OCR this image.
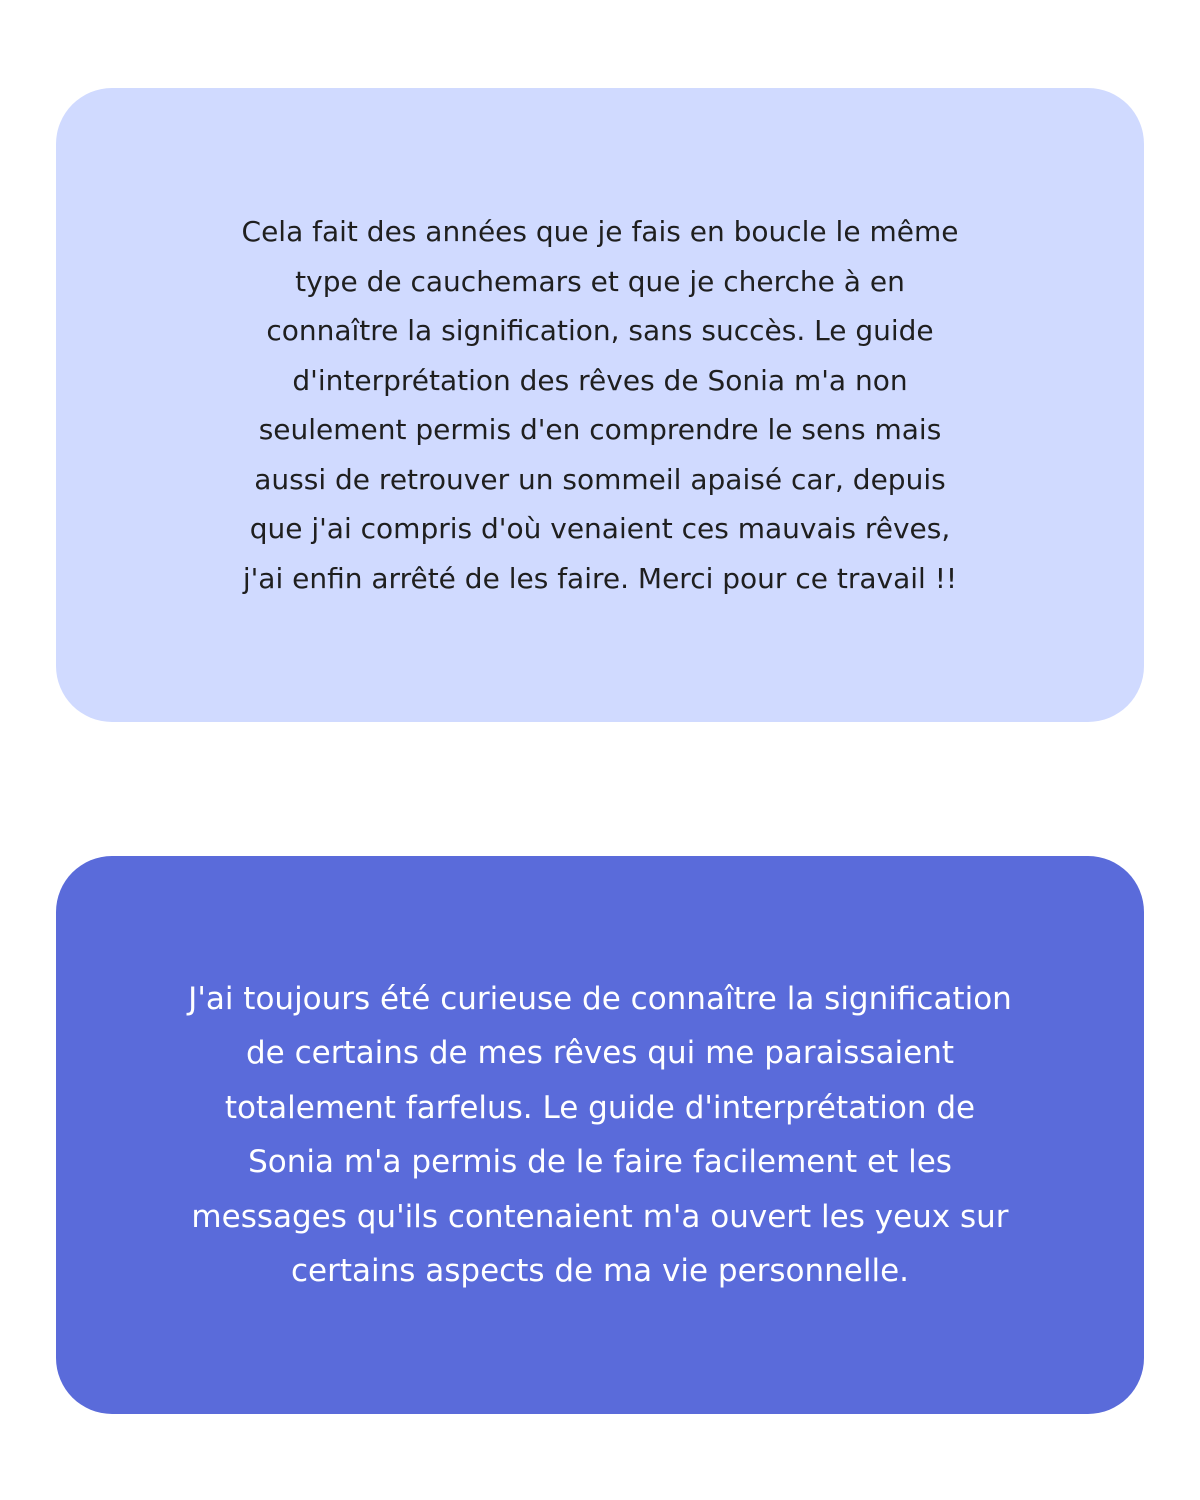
Cela fait des années que je fais en boucle le même
type de cauchemars et que je cherche à en
connaître la signification, sans succès. Le guide
d'interprétation des rêves de Sonia m'a non
seulement permis d'en comprendre le sens mais
aussi de retrouver un sommeil apaisé car, depuis
que j'ai compris d'où venaient ces mauvais rêves,
j'ai enfin arrêté de les faire. Merci pour ce travail !!

J'ai toujours été curieuse de connaître la signification
de certains de mes rêves qui me paraissaient
totalement farfelus. Le guide d'interprétation de
Sonia m'a permis de le faire facilement et les
messages qu'ils contenaient m'a ouvert les yeux sur
certains aspects de ma vie personnelle.
